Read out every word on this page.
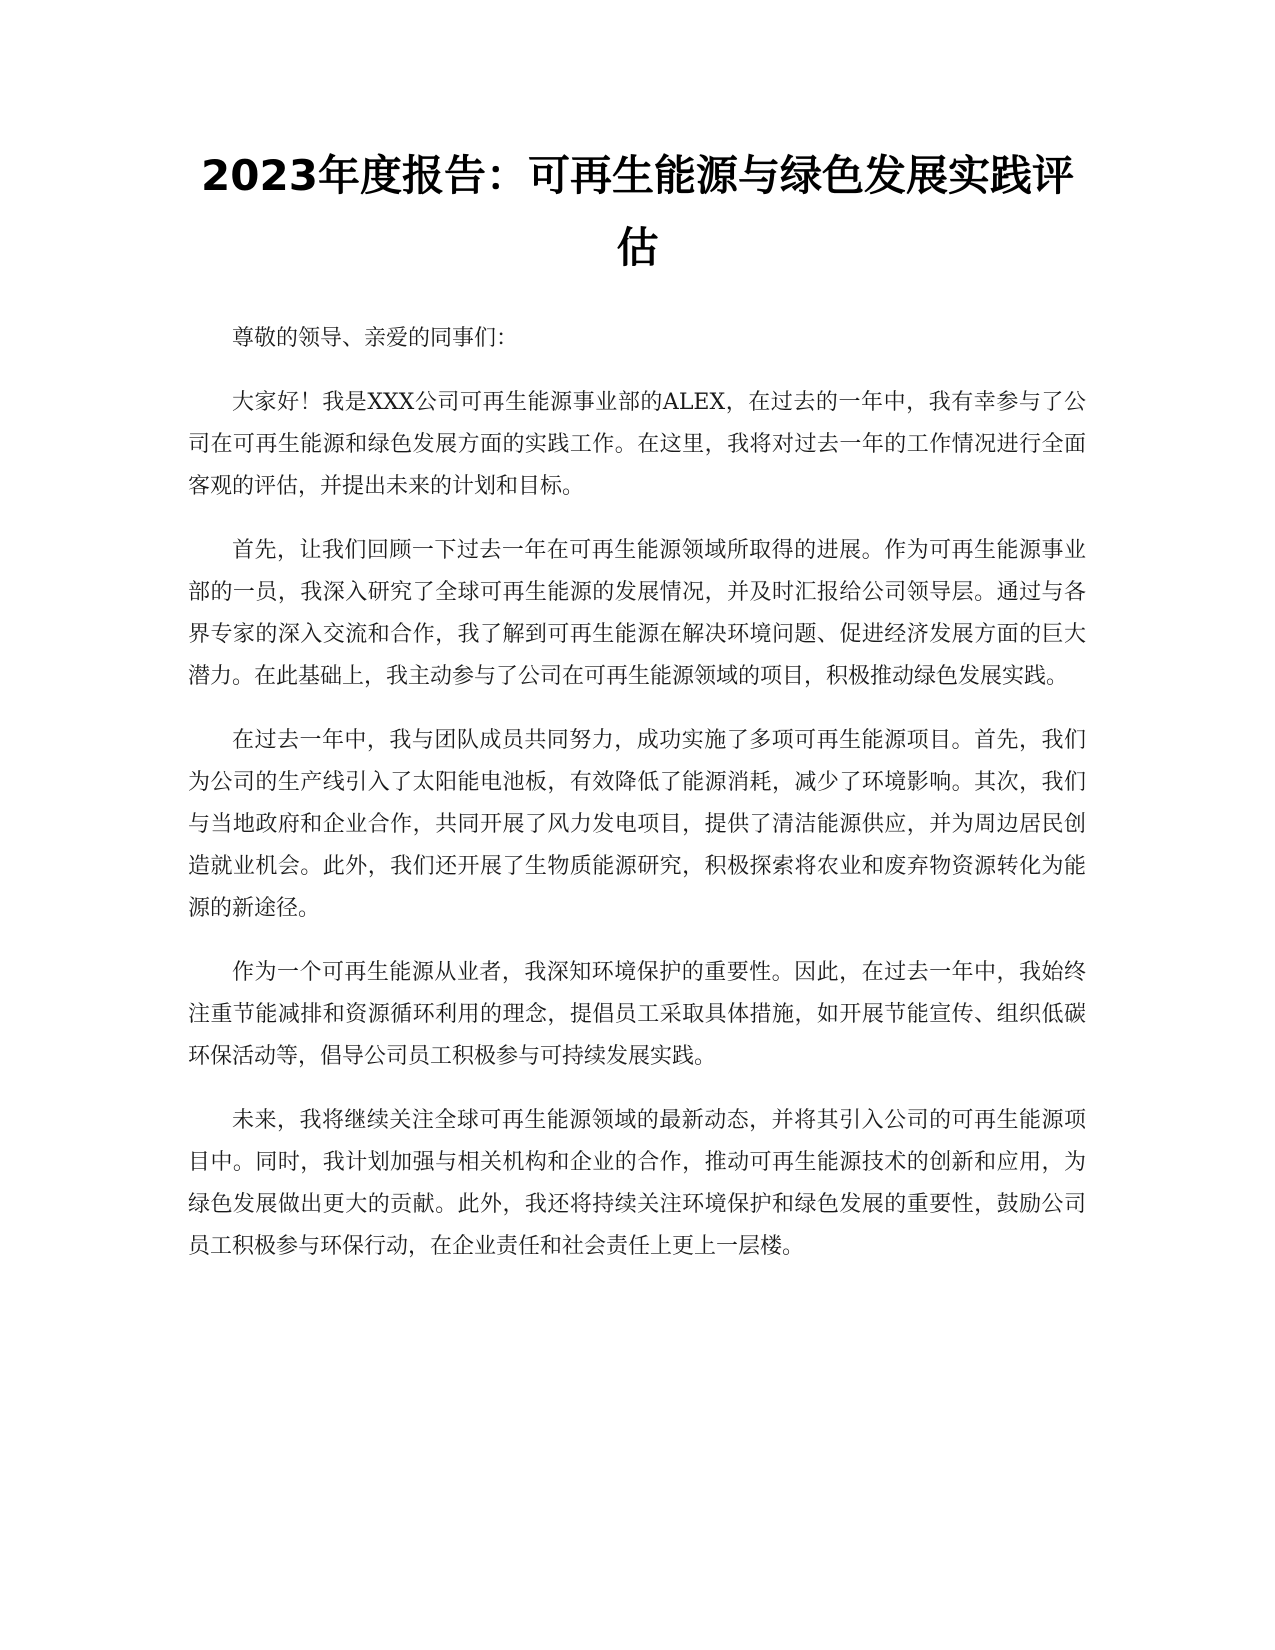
2023年度报告：可再生能源与绿色发展实践评估

尊敬的领导、亲爱的同事们：

大家好！我是XXX公司可再生能源事业部的ALEX，在过去的一年中，我有幸参与了公司在可再生能源和绿色发展方面的实践工作。在这里，我将对过去一年的工作情况进行全面客观的评估，并提出未来的计划和目标。

首先，让我们回顾一下过去一年在可再生能源领域所取得的进展。作为可再生能源事业部的一员，我深入研究了全球可再生能源的发展情况，并及时汇报给公司领导层。通过与各界专家的深入交流和合作，我了解到可再生能源在解决环境问题、促进经济发展方面的巨大潜力。在此基础上，我主动参与了公司在可再生能源领域的项目，积极推动绿色发展实践。

在过去一年中，我与团队成员共同努力，成功实施了多项可再生能源项目。首先，我们为公司的生产线引入了太阳能电池板，有效降低了能源消耗，减少了环境影响。其次，我们与当地政府和企业合作，共同开展了风力发电项目，提供了清洁能源供应，并为周边居民创造就业机会。此外，我们还开展了生物质能源研究，积极探索将农业和废弃物资源转化为能源的新途径。

作为一个可再生能源从业者，我深知环境保护的重要性。因此，在过去一年中，我始终注重节能减排和资源循环利用的理念，提倡员工采取具体措施，如开展节能宣传、组织低碳环保活动等，倡导公司员工积极参与可持续发展实践。

未来，我将继续关注全球可再生能源领域的最新动态，并将其引入公司的可再生能源项目中。同时，我计划加强与相关机构和企业的合作，推动可再生能源技术的创新和应用，为绿色发展做出更大的贡献。此外，我还将持续关注环境保护和绿色发展的重要性，鼓励公司员工积极参与环保行动，在企业责任和社会责任上更上一层楼。
